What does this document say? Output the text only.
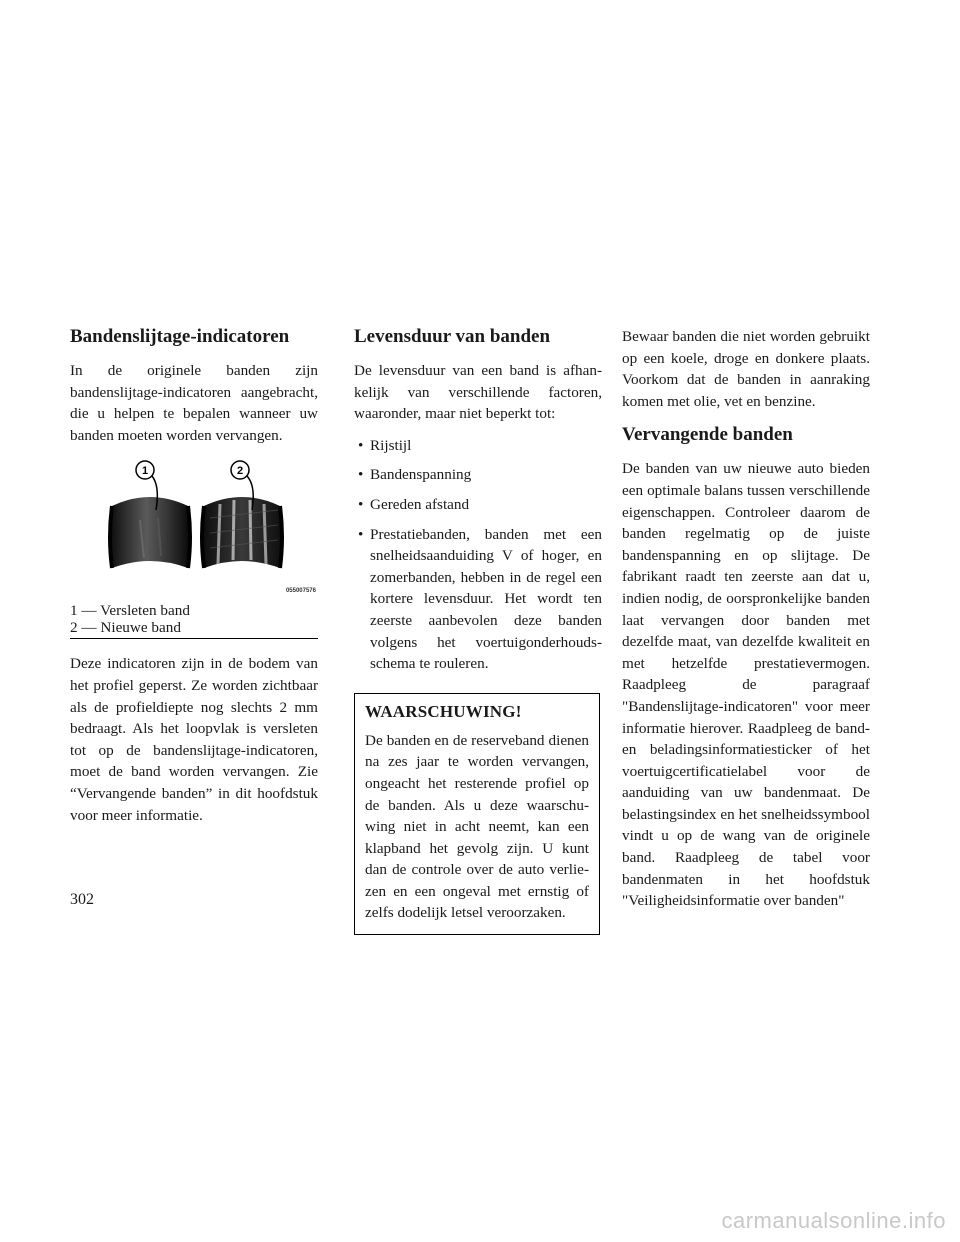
Bandenslijtage-indicatoren

In de originele banden zijn bandenslijtage-indicatoren aangebracht, die u helpen te bepalen wanneer uw banden moeten worden vervangen.

1	2
055007576
1 — Versleten band
2 — Nieuwe band

Deze indicatoren zijn in de bodem van het profiel geperst. Ze worden zichtbaar als de profieldiepte nog slechts 2 mm bedraagt. Als het loopvlak is versleten tot op de bandenslijtage-indicatoren, moet de band worden vervangen. Zie “Vervangende banden” in dit hoofdstuk voor meer informatie.

Levensduur van banden

De levensduur van een band is afhankelijk van verschillende factoren, waaronder, maar niet beperkt tot:

• Rijstijl
• Bandenspanning
• Gereden afstand
• Prestatiebanden, banden met een snelheidsaanduiding V of hoger, en zomerbanden, hebben in de regel een kortere levensduur. Het wordt ten zeerste aanbevolen deze banden volgens het voertuigonderhoudsschema te rouleren.
WAARSCHUWING!

De banden en de reserveband dienen na zes jaar te worden vervangen, ongeacht het resterende profiel op de banden. Als u deze waarschuwing niet in acht neemt, kan een klapband het gevolg zijn. U kunt dan de controle over de auto verliezen en een ongeval met ernstig of zelfs dodelijk letsel veroorzaken.

Bewaar banden die niet worden gebruikt op een koele, droge en donkere plaats. Voorkom dat de banden in aanraking komen met olie, vet en benzine.

Vervangende banden

De banden van uw nieuwe auto bieden een optimale balans tussen verschillende eigenschappen. Controleer daarom de banden regelmatig op de juiste bandenspanning en op slijtage. De fabrikant raadt ten zeerste aan dat u, indien nodig, de oorspronkelijke banden laat vervangen door banden met dezelfde maat, van dezelfde kwaliteit en met hetzelfde prestatievermogen. Raadpleeg de paragraaf "Bandenslijtage-indicatoren" voor meer informatie hierover. Raadpleeg de band- en beladingsinformatiesticker of het voertuigcertificatielabel voor de aanduiding van uw bandenmaat. De belastingsindex en het snelheidssymbool vindt u op de wang van de originele band. Raadpleeg de tabel voor bandenmaten in het hoofdstuk "Veiligheidsinformatie over banden"

302
carmanualsonline.info
